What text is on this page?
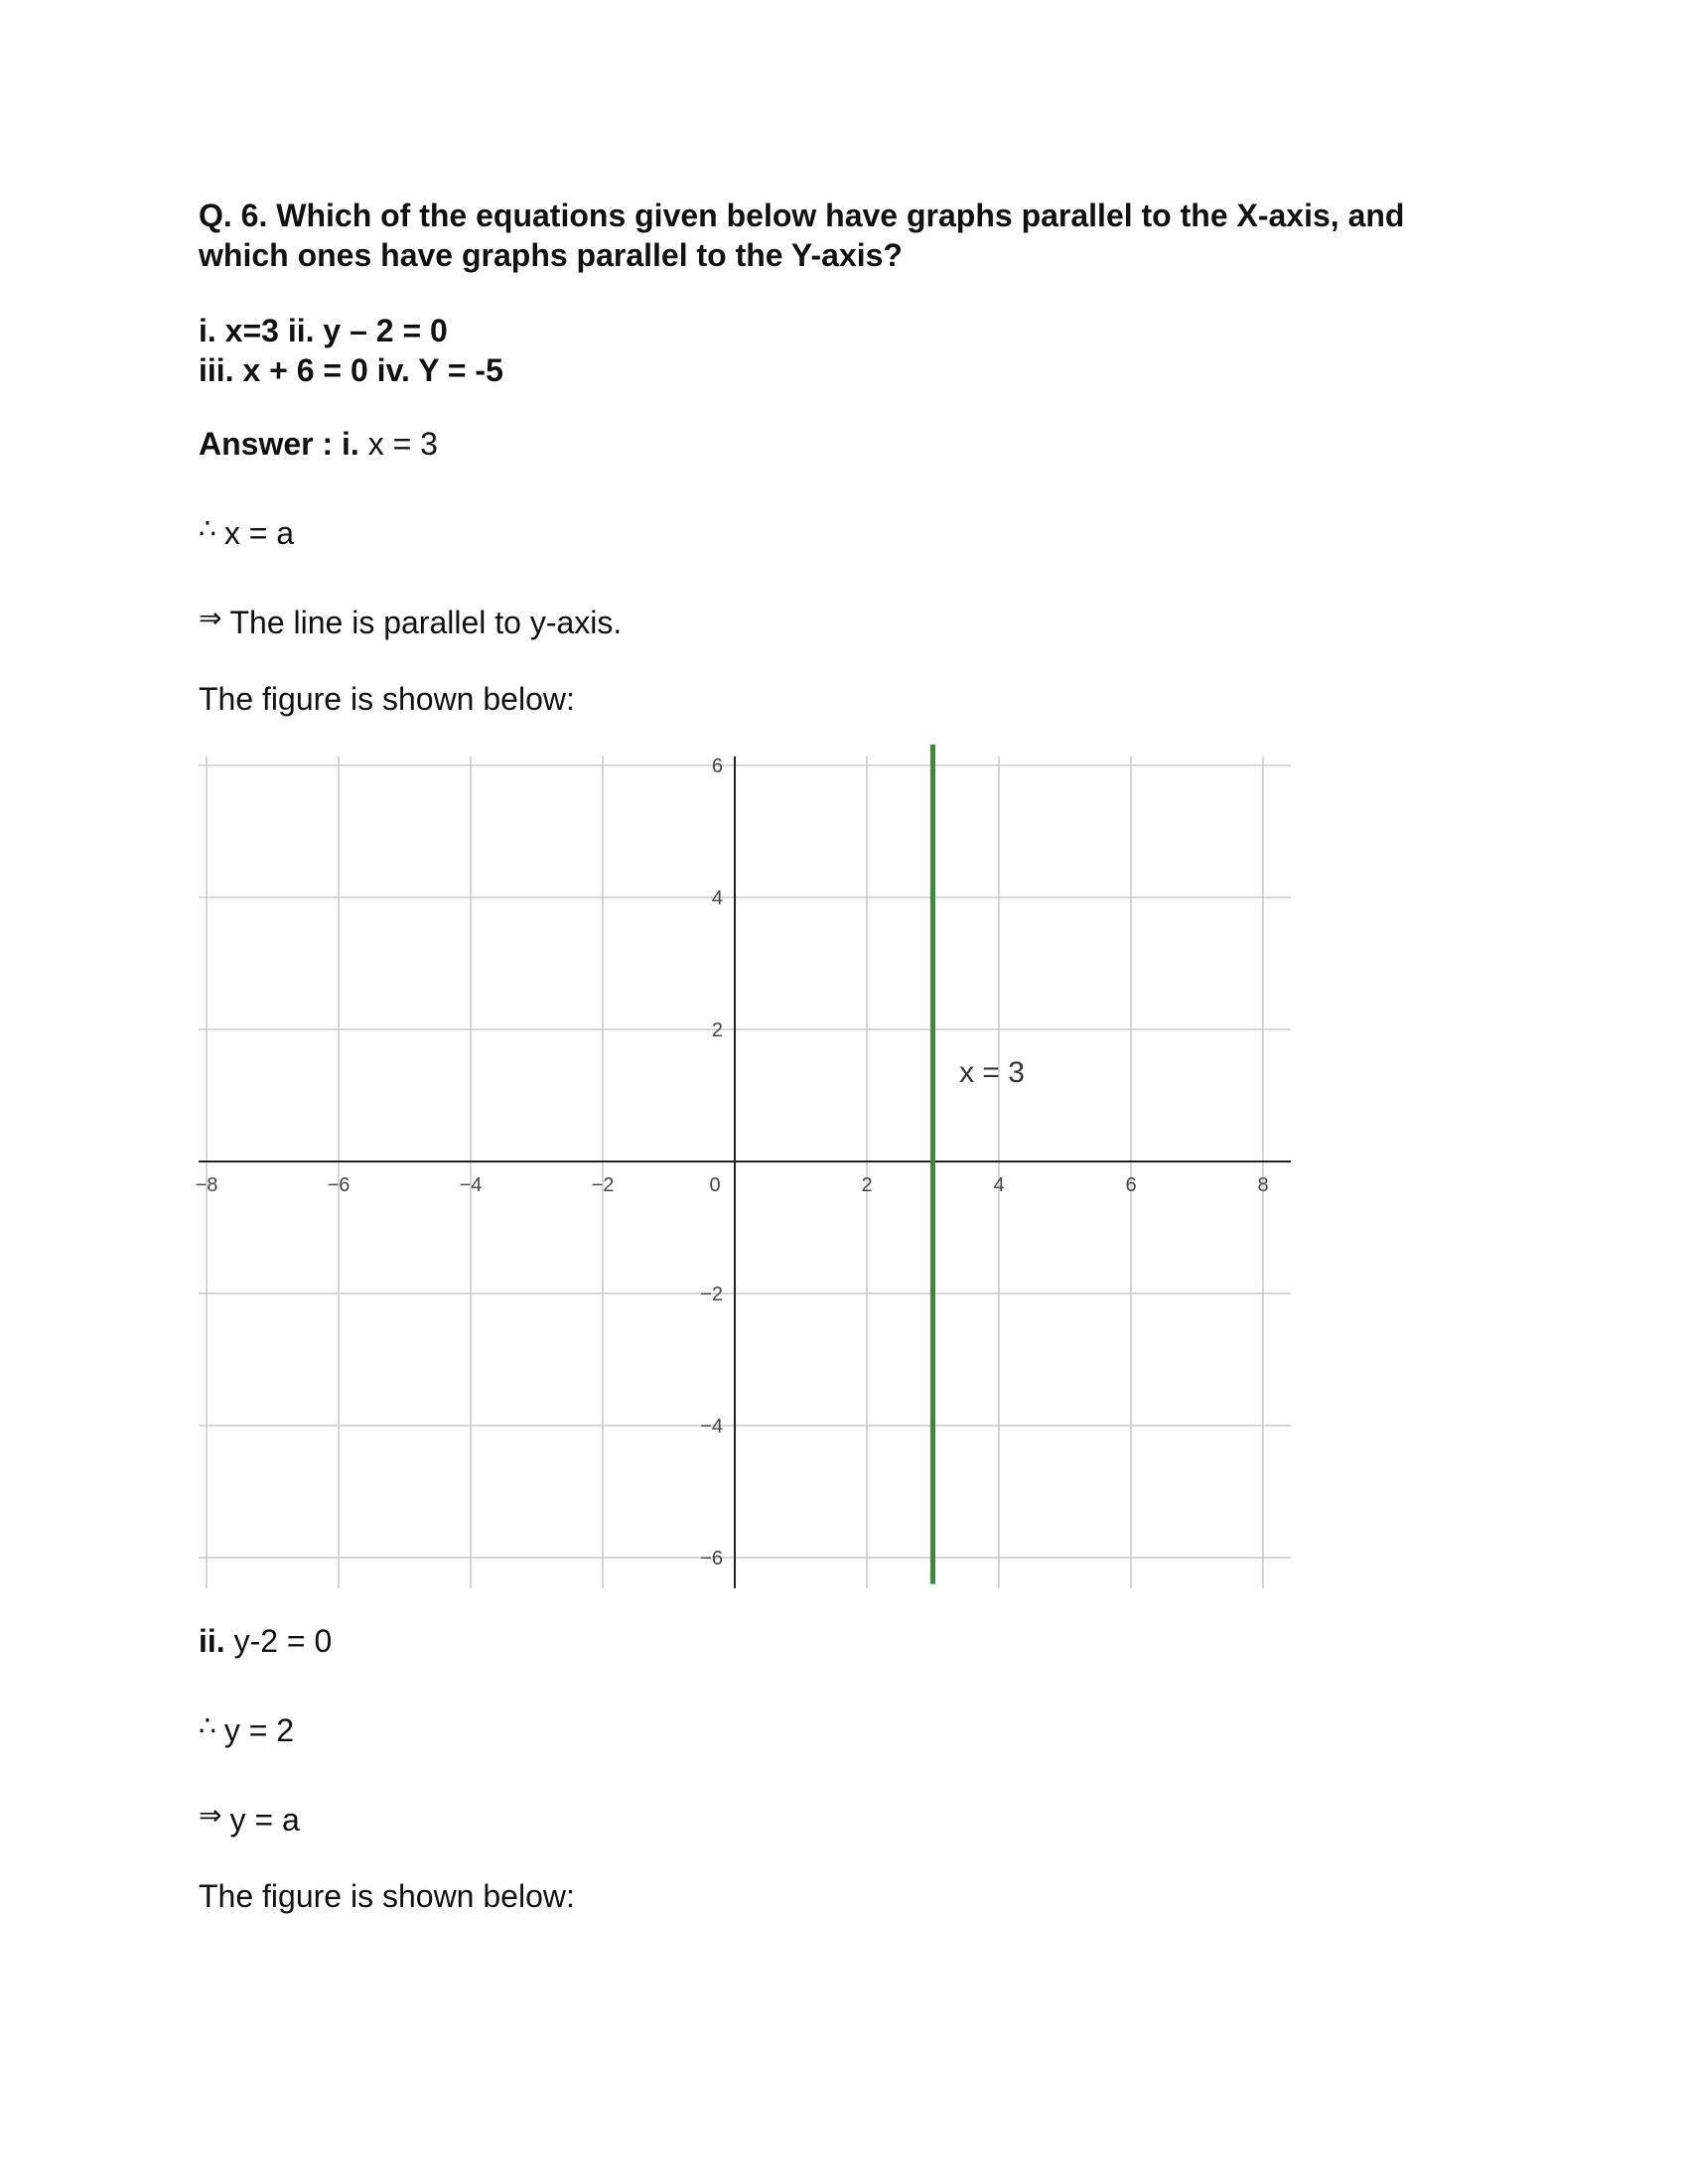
Q. 6. Which of the equations given below have graphs parallel to the X-axis, and
which ones have graphs parallel to the Y-axis?
i. x=3 ii. y – 2 = 0
iii. x + 6 = 0 iv. Y = -5
Answer : i. x = 3
∴ x = a
⇒ The line is parallel to y-axis.
The figure is shown below:
−8	−6	−4	−2	0	2	4	6	8
6
4
2
−2
−4
−6
x = 3
ii. y-2 = 0
∴ y = 2
⇒ y = a
The figure is shown below:
